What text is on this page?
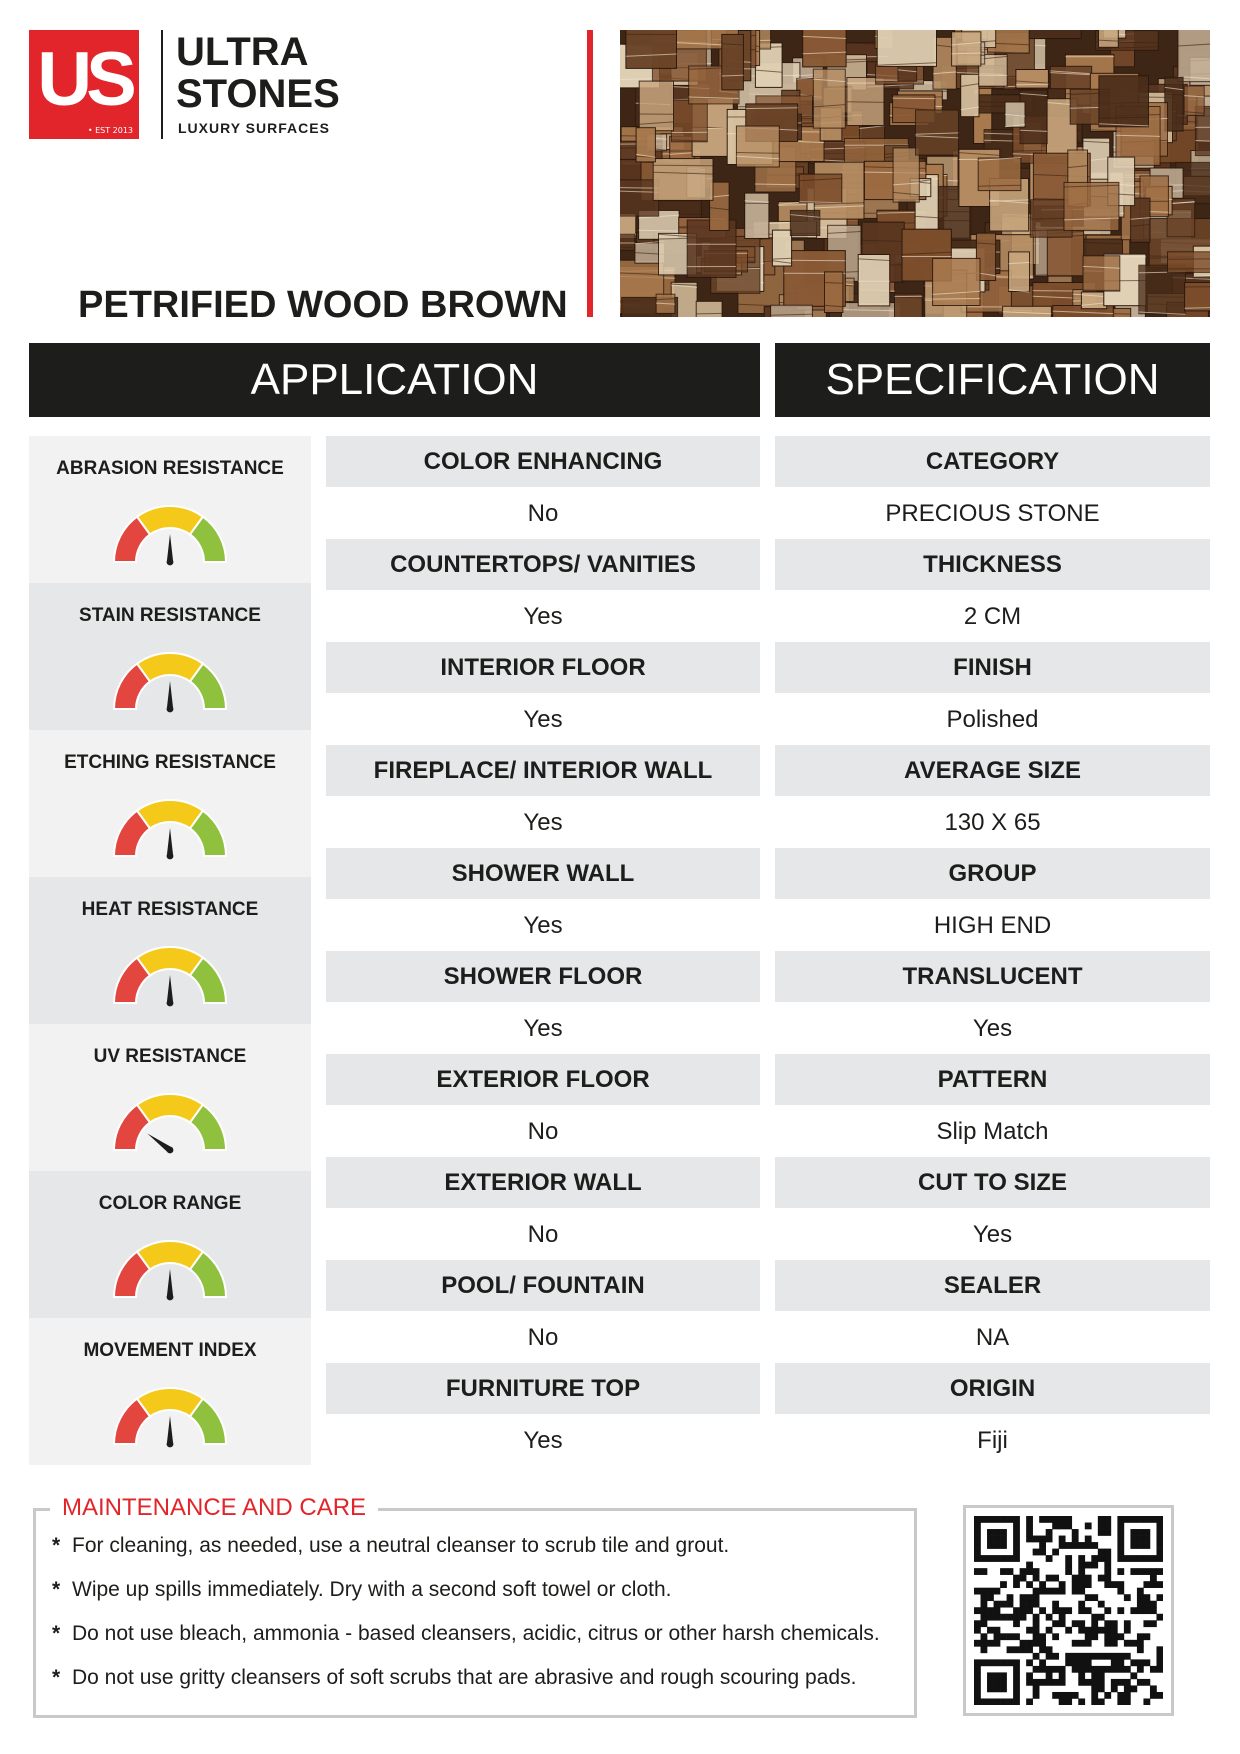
US
• EST 2013
ULTRA
STONES
LUXURY SURFACES
PETRIFIED WOOD BROWN
APPLICATION	SPECIFICATION
ABRASION RESISTANCE
STAIN RESISTANCE
ETCHING RESISTANCE
HEAT RESISTANCE
UV RESISTANCE
COLOR RANGE
MOVEMENT INDEX
COLOR ENHANCING
No
COUNTERTOPS/ VANITIES
Yes
INTERIOR FLOOR
Yes
FIREPLACE/ INTERIOR WALL
Yes
SHOWER WALL
Yes
SHOWER FLOOR
Yes
EXTERIOR FLOOR
No
EXTERIOR WALL
No
POOL/ FOUNTAIN
No
FURNITURE TOP
Yes
CATEGORY
PRECIOUS STONE
THICKNESS
2 CM
FINISH
Polished
AVERAGE SIZE
130 X 65
GROUP
HIGH END
TRANSLUCENT
Yes
PATTERN
Slip Match
CUT TO SIZE
Yes
SEALER
NA
ORIGIN
Fiji
MAINTENANCE AND CARE
* For cleaning, as needed, use a neutral cleanser to scrub tile and grout.
* Wipe up spills immediately. Dry with a second soft towel or cloth.
* Do not use bleach, ammonia - based cleansers, acidic, citrus or other harsh chemicals.
* Do not use gritty cleansers of soft scrubs that are abrasive and rough scouring pads.
